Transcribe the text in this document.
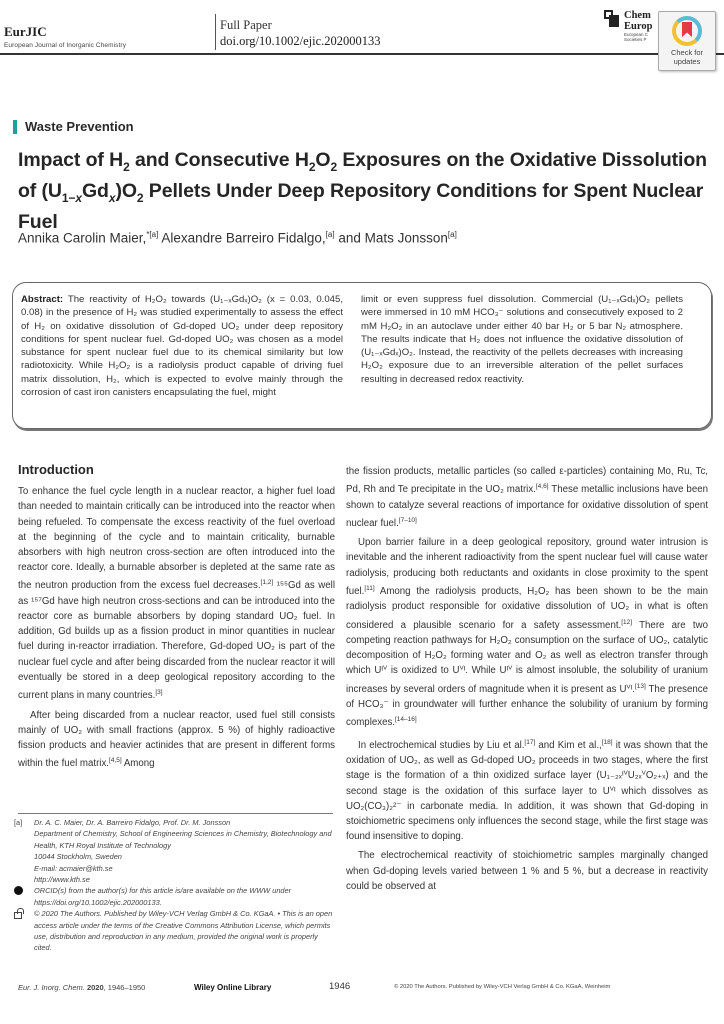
EurJIC
European Journal of Inorganic Chemistry
Full Paper
doi.org/10.1002/ejic.202000133
Chem
Europ
European C
Societies P
Check for
updates
Waste Prevention
Impact of $H_2$ and Consecutive $H_2O_2$ Exposures on the Oxidative Dissolution of $(U_{1-x}Gd_x)O_2$ Pellets Under Deep Repository Conditions for Spent Nuclear Fuel
Annika Carolin Maier,$^{*[a]}$ Alexandre Barreiro Fidalgo,[a] and Mats Jonsson[a]
Abstract: The reactivity of H₂O₂ towards (U₁₋ₓGdₓ)O₂ (x = 0.03, 0.045, 0.08) in the presence of H₂ was studied experimentally to assess the effect of H₂ on oxidative dissolution of Gd-doped UO₂ under deep repository conditions for spent nuclear fuel. Gd-doped UO₂ was chosen as a model substance for spent nuclear fuel due to its chemical similarity but low radiotoxicity. While H₂O₂ is a radiolysis product capable of driving fuel matrix dissolution, H₂, which is expected to evolve mainly through the corrosion of cast iron canisters encapsulating the fuel, might
limit or even suppress fuel dissolution. Commercial (U₁₋ₓGdₓ)O₂ pellets were immersed in 10 mM HCO₃⁻ solutions and consecutively exposed to 2 mM H₂O₂ in an autoclave under either 40 bar H₂ or 5 bar N₂ atmosphere. The results indicate that H₂ does not influence the oxidative dissolution of (U₁₋ₓGdₓ)O₂. Instead, the reactivity of the pellets decreases with increasing H₂O₂ exposure due to an irreversible alteration of the pellet surfaces resulting in decreased redox reactivity.
Introduction
To enhance the fuel cycle length in a nuclear reactor, a higher fuel load than needed to maintain critically can be introduced into the reactor when being refueled. To compensate the excess reactivity of the fuel overload at the beginning of the cycle and to maintain criticality, burnable absorbers with high neutron cross-section are often introduced into the reactor core. Ideally, a burnable absorber is depleted at the same rate as the neutron production from the excess fuel decreases.[1,2] ¹⁵⁵Gd as well as ¹⁵⁷Gd have high neutron cross-sections and can be introduced into the reactor core as burnable absorbers by doping standard UO₂ fuel. In addition, Gd builds up as a fission product in minor quantities in nuclear fuel during in-reactor irradiation. Therefore, Gd-doped UO₂ is part of the nuclear fuel cycle and after being discarded from the nuclear reactor it will eventually be stored in a deep geological repository according to the current plans in many countries.[3]
After being discarded from a nuclear reactor, used fuel still consists mainly of UO₂ with small fractions (approx. 5 %) of highly radioactive fission products and heavier actinides that are present in different forms within the fuel matrix.[4,5] Among
the fission products, metallic particles (so called ε-particles) containing Mo, Ru, Tc, Pd, Rh and Te precipitate in the UO₂ matrix.[4,6] These metallic inclusions have been shown to catalyze several reactions of importance for oxidative dissolution of spent nuclear fuel.[7–10]
Upon barrier failure in a deep geological repository, ground water intrusion is inevitable and the inherent radioactivity from the spent nuclear fuel will cause water radiolysis, producing both reductants and oxidants in close proximity to the spent fuel.[11] Among the radiolysis products, H₂O₂ has been shown to be the main radiolysis product responsible for oxidative dissolution of UO₂ in what is often considered a plausible scenario for a safety assessment.[12] There are two competing reaction pathways for H₂O₂ consumption on the surface of UO₂, catalytic decomposition of H₂O₂ forming water and O₂ as well as electron transfer through which Uᴵⱽ is oxidized to Uⱽᴵ. While Uᴵⱽ is almost insoluble, the solubility of uranium increases by several orders of magnitude when it is present as Uⱽᴵ.[13] The presence of HCO₃⁻ in groundwater will further enhance the solubility of uranium by forming complexes.[14–16]
In electrochemical studies by Liu et al.[17] and Kim et al.,[18] it was shown that the oxidation of UO₂, as well as Gd-doped UO₂ proceeds in two stages, where the first stage is the formation of a thin oxidized surface layer (U₁₋₂ₓᴵⱽU₂ₓⱽO₂₊ₓ) and the second stage is the oxidation of this surface layer to Uⱽᴵ which dissolves as UO₂(CO₃)₂²⁻ in carbonate media. In addition, it was shown that Gd-doping in stoichiometric specimens only influences the second stage, while the first stage was found insensitive to doping.
The electrochemical reactivity of stoichiometric samples marginally changed when Gd-doping levels varied between 1 % and 5 %, but a decrease in reactivity could be observed at
[a]	Dr. A. C. Maier, Dr. A. Barreiro Fidalgo, Prof. Dr. M. Jonsson
Department of Chemistry, School of Engineering Sciences in Chemistry, Biotechnology and Health, KTH Royal Institute of Technology
10044 Stockholm, Sweden
E-mail: acmaier@kth.se
http://www.kth.se
ORCID(s) from the author(s) for this article is/are available on the WWW under https://doi.org/10.1002/ejic.202000133.
© 2020 The Authors. Published by Wiley-VCH Verlag GmbH & Co. KGaA. • This is an open access article under the terms of the Creative Commons Attribution License, which permits use, distribution and reproduction in any medium, provided the original work is properly cited.
Eur. J. Inorg. Chem. 2020, 1946–1950	Wiley Online Library	1946	© 2020 The Authors. Published by Wiley-VCH Verlag GmbH & Co. KGaA, Weinheim
